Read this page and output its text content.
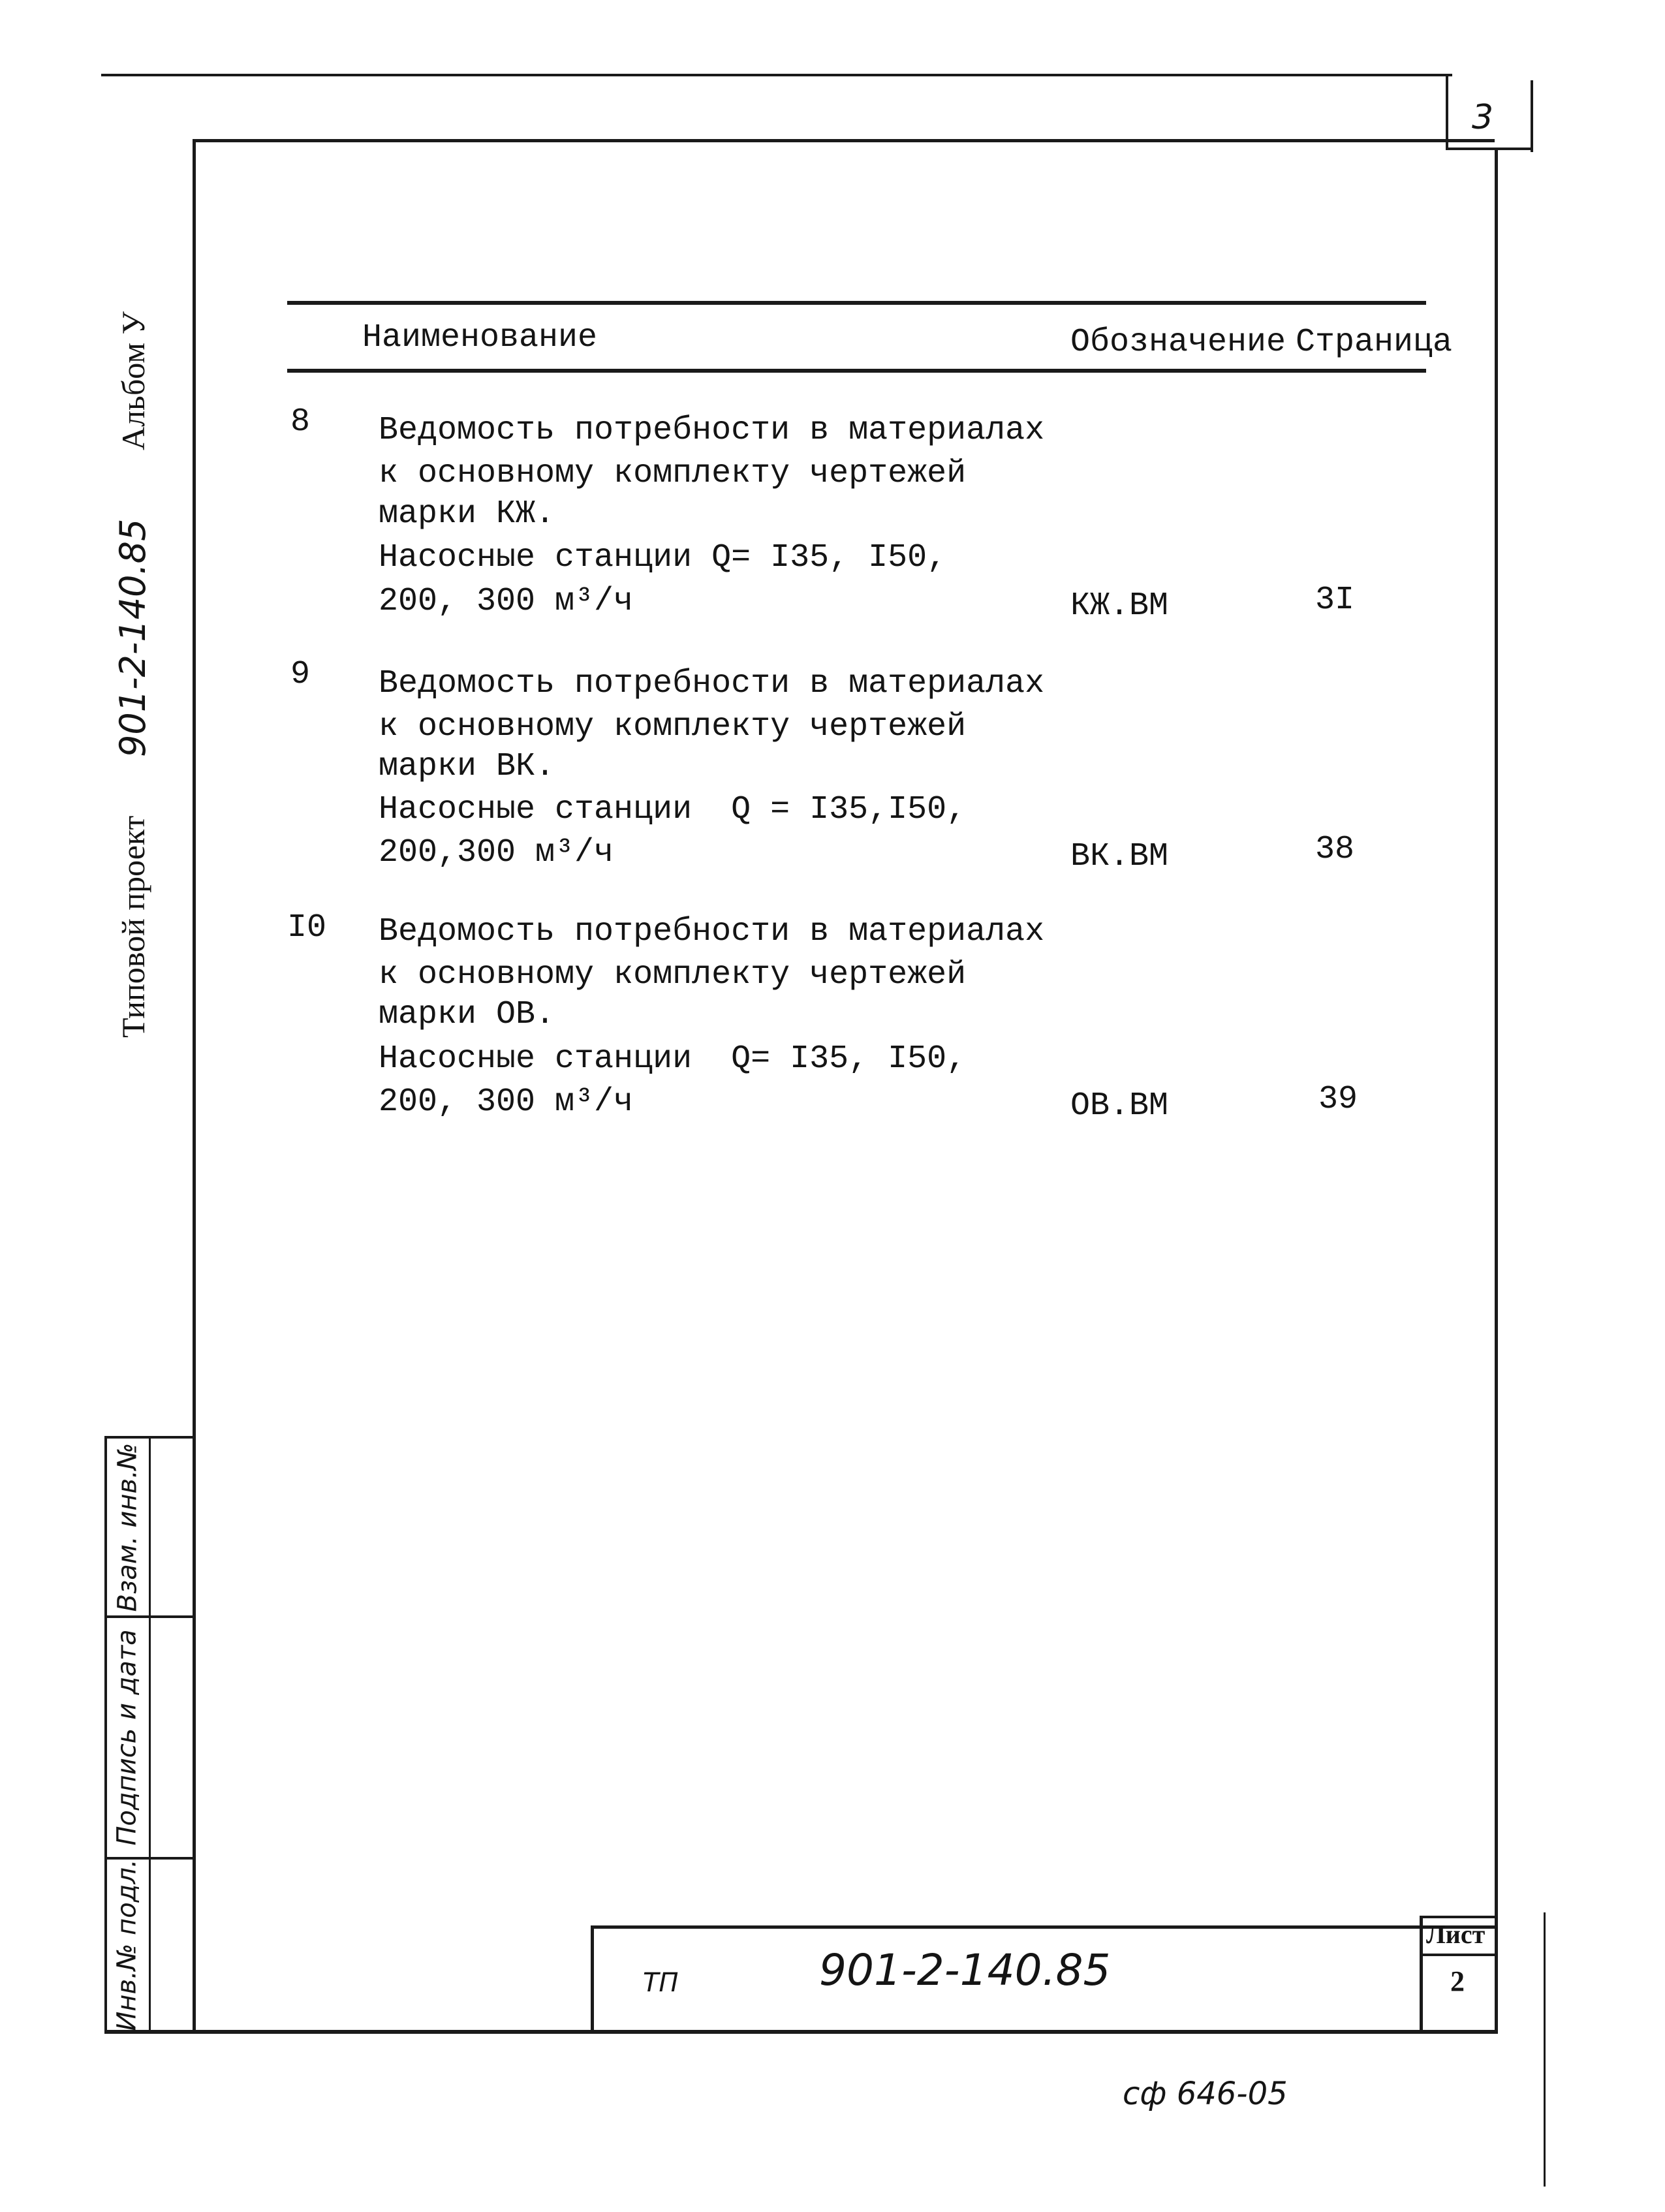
3
Взам. инв.№
Подпись и дата
Инв.№ подл.
Типовой проект
901-2-140.85
Альбом У	Наименование	Обозначение Страница
8 Ведомость потребности в материалах
к основному комплекту чертежей
марки КЖ.
Насосные станции Q= I35, I50,
200, 300 м³/ч	КЖ.ВМ	3I
9 Ведомость потребности в материалах
к основному комплекту чертежей
марки ВК.
Насосные станции  Q = I35,I50,
200,300 м³/ч	ВК.ВМ	38
I0 Ведомость потребности в материалах
к основному комплекту чертежей
марки ОВ.
Насосные станции  Q= I35, I50,
200, 300 м³/ч	ОВ.ВМ	39
ТП	901-2-140.85
Лист
2
сф 646-05
